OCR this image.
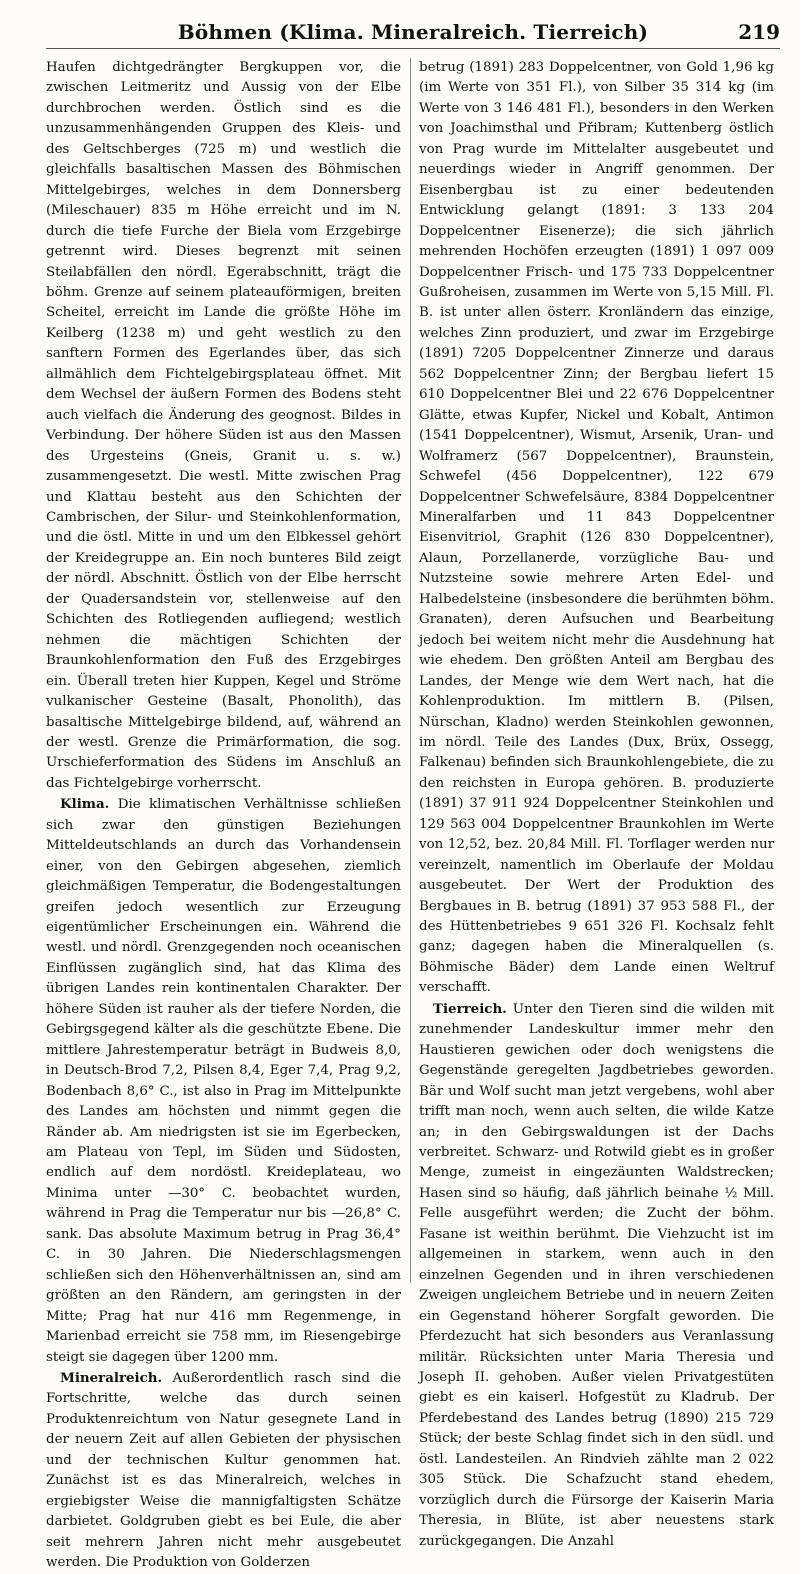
Böhmen (Klima. Mineralreich. Tierreich)	219

Haufen dichtgedrängter Bergkuppen vor, die zwischen Leitmeritz und Aussig von der Elbe durchbrochen werden. Östlich sind es die unzusammenhängenden Gruppen des Kleis- und des Geltschberges (725 m) und westlich die gleichfalls basaltischen Massen des Böhmischen Mittelgebirges, welches in dem Donnersberg (Mileschauer) 835 m Höhe erreicht und im N. durch die tiefe Furche der Biela vom Erzgebirge getrennt wird. Dieses begrenzt mit seinen Steilabfällen den nördl. Egerabschnitt, trägt die böhm. Grenze auf seinem plateauförmigen, breiten Scheitel, erreicht im Lande die größte Höhe im Keilberg (1238 m) und geht westlich zu den sanftern Formen des Egerlandes über, das sich allmählich dem Fichtelgebirgsplateau öffnet. Mit dem Wechsel der äußern Formen des Bodens steht auch vielfach die Änderung des geognost. Bildes in Verbindung. Der höhere Süden ist aus den Massen des Urgesteins (Gneis, Granit u. s. w.) zusammengesetzt. Die westl. Mitte zwischen Prag und Klattau besteht aus den Schichten der Cambrischen, der Silur- und Steinkohlenformation, und die östl. Mitte in und um den Elbkessel gehört der Kreidegruppe an. Ein noch bunteres Bild zeigt der nördl. Abschnitt. Östlich von der Elbe herrscht der Quadersandstein vor, stellenweise auf den Schichten des Rotliegenden aufliegend; westlich nehmen die mächtigen Schichten der Braunkohlenformation den Fuß des Erzgebirges ein. Überall treten hier Kuppen, Kegel und Ströme vulkanischer Gesteine (Basalt, Phonolith), das basaltische Mittelgebirge bildend, auf, während an der westl. Grenze die Primärformation, die sog. Urschieferformation des Südens im Anschluß an das Fichtelgebirge vorherrscht.

Klima. Die klimatischen Verhältnisse schließen sich zwar den günstigen Beziehungen Mitteldeutschlands an durch das Vorhandensein einer, von den Gebirgen abgesehen, ziemlich gleichmäßigen Temperatur, die Bodengestaltungen greifen jedoch wesentlich zur Erzeugung eigentümlicher Erscheinungen ein. Während die westl. und nördl. Grenzgegenden noch oceanischen Einflüssen zugänglich sind, hat das Klima des übrigen Landes rein kontinentalen Charakter. Der höhere Süden ist rauher als der tiefere Norden, die Gebirgsgegend kälter als die geschützte Ebene. Die mittlere Jahrestemperatur beträgt in Budweis 8,0, in Deutsch-Brod 7,2, Pilsen 8,4, Eger 7,4, Prag 9,2, Bodenbach 8,6° C., ist also in Prag im Mittelpunkte des Landes am höchsten und nimmt gegen die Ränder ab. Am niedrigsten ist sie im Egerbecken, am Plateau von Tepl, im Süden und Südosten, endlich auf dem nordöstl. Kreideplateau, wo Minima unter —30° C. beobachtet wurden, während in Prag die Temperatur nur bis —26,8° C. sank. Das absolute Maximum betrug in Prag 36,4° C. in 30 Jahren. Die Niederschlagsmengen schließen sich den Höhenverhältnissen an, sind am größten an den Rändern, am geringsten in der Mitte; Prag hat nur 416 mm Regenmenge, in Marienbad erreicht sie 758 mm, im Riesengebirge steigt sie dagegen über 1200 mm.

Mineralreich. Außerordentlich rasch sind die Fortschritte, welche das durch seinen Produktenreichtum von Natur gesegnete Land in der neuern Zeit auf allen Gebieten der physischen und der technischen Kultur genommen hat. Zunächst ist es das Mineralreich, welches in ergiebigster Weise die mannigfaltigsten Schätze darbietet. Goldgruben giebt es bei Eule, die aber seit mehrern Jahren nicht mehr ausgebeutet werden. Die Produktion von Golderzen

betrug (1891) 283 Doppelcentner, von Gold 1,96 kg (im Werte von 351 Fl.), von Silber 35 314 kg (im Werte von 3 146 481 Fl.), besonders in den Werken von Joachimsthal und Přibram; Kuttenberg östlich von Prag wurde im Mittelalter ausgebeutet und neuerdings wieder in Angriff genommen. Der Eisenbergbau ist zu einer bedeutenden Entwicklung gelangt (1891: 3 133 204 Doppelcentner Eisenerze); die sich jährlich mehrenden Hochöfen erzeugten (1891) 1 097 009 Doppelcentner Frisch- und 175 733 Doppelcentner Gußroheisen, zusammen im Werte von 5,15 Mill. Fl. B. ist unter allen österr. Kronländern das einzige, welches Zinn produziert, und zwar im Erzgebirge (1891) 7205 Doppelcentner Zinnerze und daraus 562 Doppelcentner Zinn; der Bergbau liefert 15 610 Doppelcentner Blei und 22 676 Doppelcentner Glätte, etwas Kupfer, Nickel und Kobalt, Antimon (1541 Doppelcentner), Wismut, Arsenik, Uran- und Wolframerz (567 Doppelcentner), Braunstein, Schwefel (456 Doppelcentner), 122 679 Doppelcentner Schwefelsäure, 8384 Doppelcentner Mineralfarben und 11 843 Doppelcentner Eisenvitriol, Graphit (126 830 Doppelcentner), Alaun, Porzellanerde, vorzügliche Bau- und Nutzsteine sowie mehrere Arten Edel- und Halbedelsteine (insbesondere die berühmten böhm. Granaten), deren Aufsuchen und Bearbeitung jedoch bei weitem nicht mehr die Ausdehnung hat wie ehedem. Den größten Anteil am Bergbau des Landes, der Menge wie dem Wert nach, hat die Kohlenproduktion. Im mittlern B. (Pilsen, Nürschan, Kladno) werden Steinkohlen gewonnen, im nördl. Teile des Landes (Dux, Brüx, Ossegg, Falkenau) befinden sich Braunkohlengebiete, die zu den reichsten in Europa gehören. B. produzierte (1891) 37 911 924 Doppelcentner Steinkohlen und 129 563 004 Doppelcentner Braunkohlen im Werte von 12,52, bez. 20,84 Mill. Fl. Torflager werden nur vereinzelt, namentlich im Oberlaufe der Moldau ausgebeutet. Der Wert der Produktion des Bergbaues in B. betrug (1891) 37 953 588 Fl., der des Hüttenbetriebes 9 651 326 Fl. Kochsalz fehlt ganz; dagegen haben die Mineralquellen (s. Böhmische Bäder) dem Lande einen Weltruf verschafft.

Tierreich. Unter den Tieren sind die wilden mit zunehmender Landeskultur immer mehr den Haustieren gewichen oder doch wenigstens die Gegenstände geregelten Jagdbetriebes geworden. Bär und Wolf sucht man jetzt vergebens, wohl aber trifft man noch, wenn auch selten, die wilde Katze an; in den Gebirgswaldungen ist der Dachs verbreitet. Schwarz- und Rotwild giebt es in großer Menge, zumeist in eingezäunten Waldstrecken; Hasen sind so häufig, daß jährlich beinahe ½ Mill. Felle ausgeführt werden; die Zucht der böhm. Fasane ist weithin berühmt. Die Viehzucht ist im allgemeinen in starkem, wenn auch in den einzelnen Gegenden und in ihren verschiedenen Zweigen ungleichem Betriebe und in neuern Zeiten ein Gegenstand höherer Sorgfalt geworden. Die Pferdezucht hat sich besonders aus Veranlassung militär. Rücksichten unter Maria Theresia und Joseph II. gehoben. Außer vielen Privatgestüten giebt es ein kaiserl. Hofgestüt zu Kladrub. Der Pferdebestand des Landes betrug (1890) 215 729 Stück; der beste Schlag findet sich in den südl. und östl. Landesteilen. An Rindvieh zählte man 2 022 305 Stück. Die Schafzucht stand ehedem, vorzüglich durch die Fürsorge der Kaiserin Maria Theresia, in Blüte, ist aber neuestens stark zurückgegangen. Die Anzahl
